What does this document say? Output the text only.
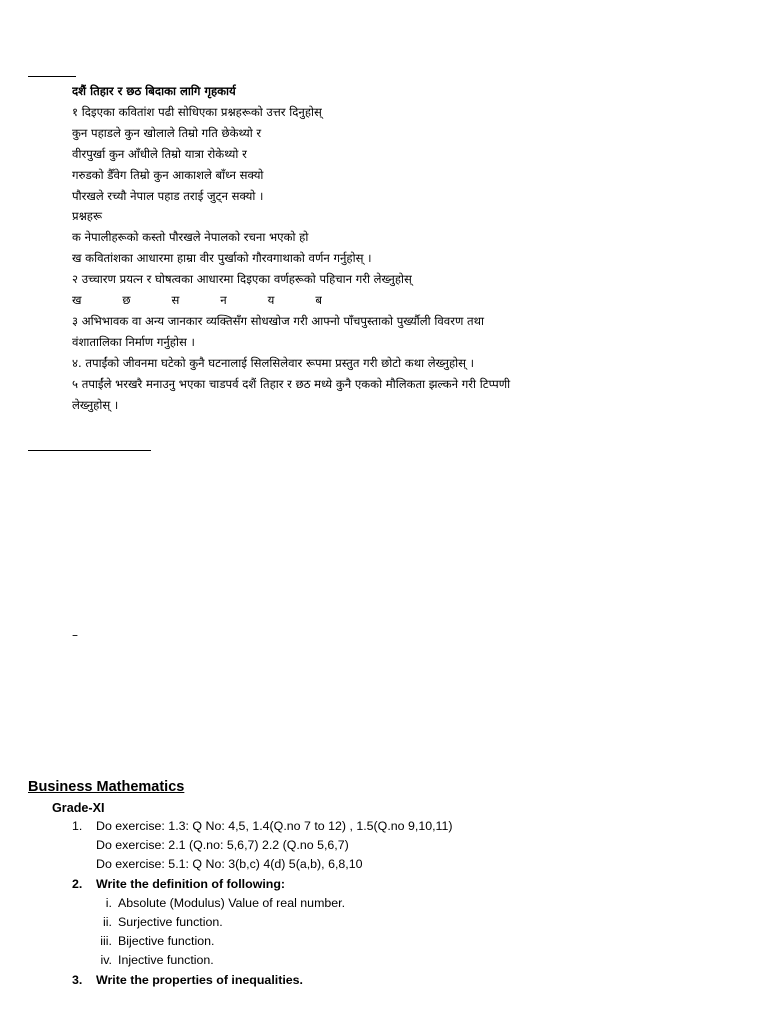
दशैं तिहार र छठ बिदाका लागि गृहकार्य
१ दिइएका कवितांश पढी सोधिएका प्रश्नहरूको उत्तर दिनुहोस्
कुन पहाडले कुन खोलाले तिम्रो गति छेकेथ्यो र
वीरपुर्खा कुन आँधीले तिम्रो यात्रा रोकेथ्यो र
गरुडको डैँवेग तिम्रो कुन आकाशले बाँध्न सक्यो
पौरखले रच्यौ नेपाल पहाड तराई जुट्न सक्यो ।
प्रश्नहरू
क नेपालीहरूको कस्तो पौरखले नेपालको रचना भएको हो
ख कवितांशका आधारमा हाम्रा वीर पुर्खाको गौरवगाथाको वर्णन गर्नुहोस् ।
२ उच्चारण प्रयत्न र घोषत्वका आधारमा दिइएका वर्णहरूको पहिचान गरी लेख्नुहोस्
ख	छ	स	न	य	ब
३ अभिभावक वा अन्य जानकार व्यक्तिसँग सोधखोज गरी आफ्नो पाँचपुस्ताको पुर्ख्यौली विवरण तथा
वंशातालिका निर्माण गर्नुहोस ।
४. तपाईंको जीवनमा घटेको कुनै घटनालाई सिलसिलेवार रूपमा प्रस्तुत गरी छोटो कथा लेख्नुहोस् ।
५ तपाईंले भरखरै मनाउनु भएका चाडपर्व दशैं तिहार र छठ मध्ये कुनै एकको मौलिकता झल्कने गरी टिप्पणी
लेख्नुहोस् ।
–
Business Mathematics
Grade-XI
1. Do exercise: 1.3: Q No: 4,5, 1.4(Q.no 7 to 12) , 1.5(Q.no 9,10,11)
Do exercise: 2.1 (Q.no: 5,6,7) 2.2 (Q.no 5,6,7)
Do exercise: 5.1: Q No: 3(b,c) 4(d) 5(a,b), 6,8,10
2. Write the definition of following:
i. Absolute (Modulus) Value of real number.
ii. Surjective function.
iii. Bijective function.
iv. Injective function.
3. Write the properties of inequalities.
